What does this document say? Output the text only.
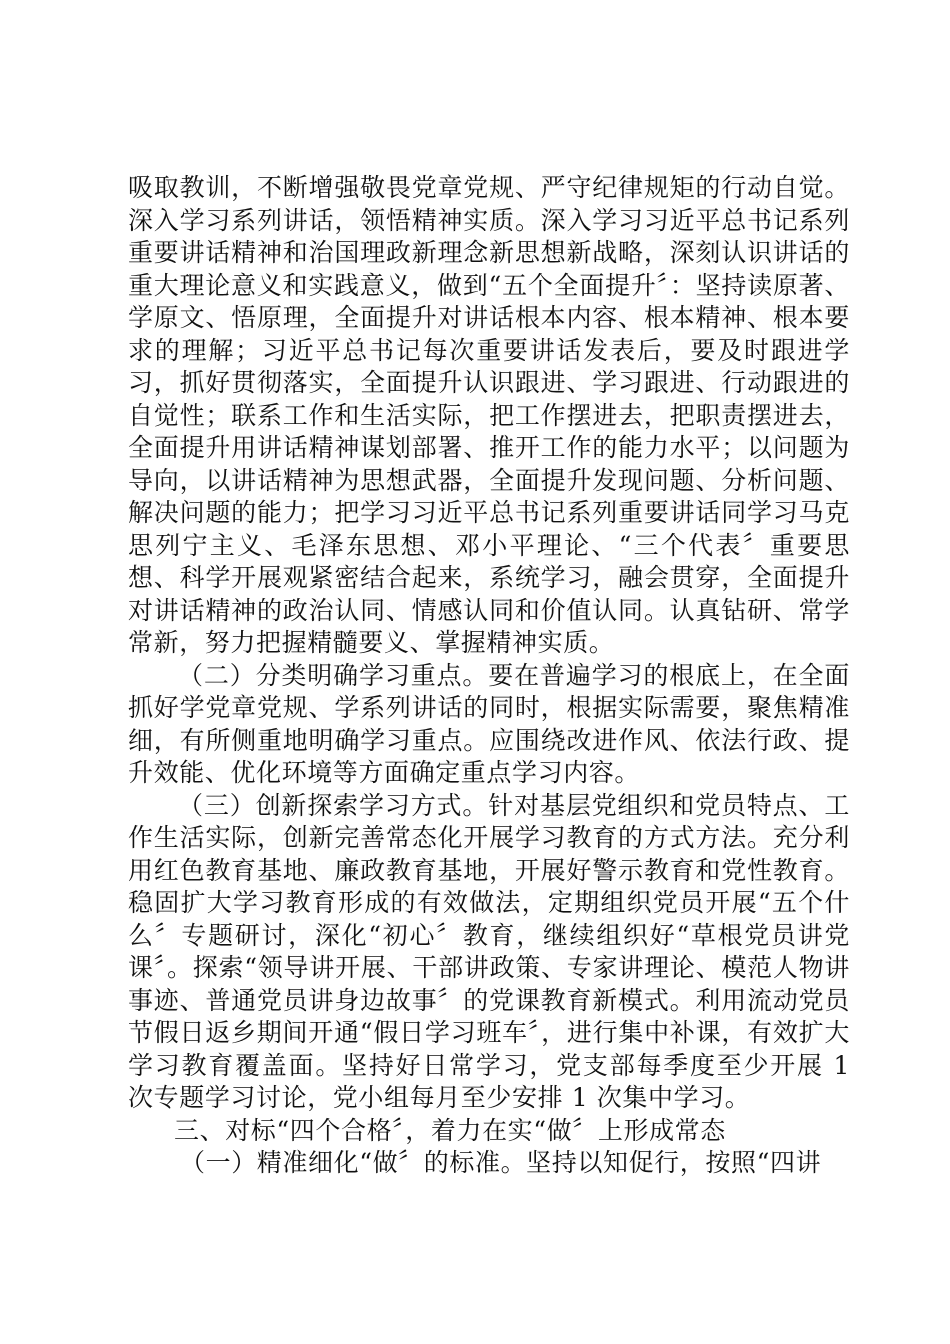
吸取教训，不断增强敬畏党章党规、严守纪律规矩的行动自觉。深入学习系列讲话，领悟精神实质。深入学习习近平总书记系列重要讲话精神和治国理政新理念新思想新战略，深刻认识讲话的重大理论意义和实践意义，做到“五个全面提升〞：坚持读原著、学原文、悟原理，全面提升对讲话根本内容、根本精神、根本要求的理解；习近平总书记每次重要讲话发表后，要及时跟进学习，抓好贯彻落实，全面提升认识跟进、学习跟进、行动跟进的自觉性；联系工作和生活实际，把工作摆进去，把职责摆进去，全面提升用讲话精神谋划部署、推开工作的能力水平；以问题为导向，以讲话精神为思想武器，全面提升发现问题、分析问题、解决问题的能力；把学习习近平总书记系列重要讲话同学习马克思列宁主义、毛泽东思想、邓小平理论、“三个代表〞重要思想、科学开展观紧密结合起来，系统学习，融会贯穿，全面提升对讲话精神的政治认同、情感认同和价值认同。认真钻研、常学常新，努力把握精髓要义、掌握精神实质。

（二）分类明确学习重点。要在普遍学习的根底上，在全面抓好学党章党规、学系列讲话的同时，根据实际需要，聚焦精准细，有所侧重地明确学习重点。应围绕改进作风、依法行政、提升效能、优化环境等方面确定重点学习内容。

（三）创新探索学习方式。针对基层党组织和党员特点、工作生活实际，创新完善常态化开展学习教育的方式方法。充分利用红色教育基地、廉政教育基地，开展好警示教育和党性教育。稳固扩大学习教育形成的有效做法，定期组织党员开展“五个什么〞专题研讨，深化“初心〞教育，继续组织好“草根党员讲党课〞。探索“领导讲开展、干部讲政策、专家讲理论、模范人物讲事迹、普通党员讲身边故事〞的党课教育新模式。利用流动党员节假日返乡期间开通“假日学习班车〞，进行集中补课，有效扩大学习教育覆盖面。坚持好日常学习，党支部每季度至少开展 1 次专题学习讨论，党小组每月至少安排 1 次集中学习。

三、对标“四个合格〞，着力在实“做〞上形成常态

（一）精准细化“做〞的标准。坚持以知促行，按照“四讲
